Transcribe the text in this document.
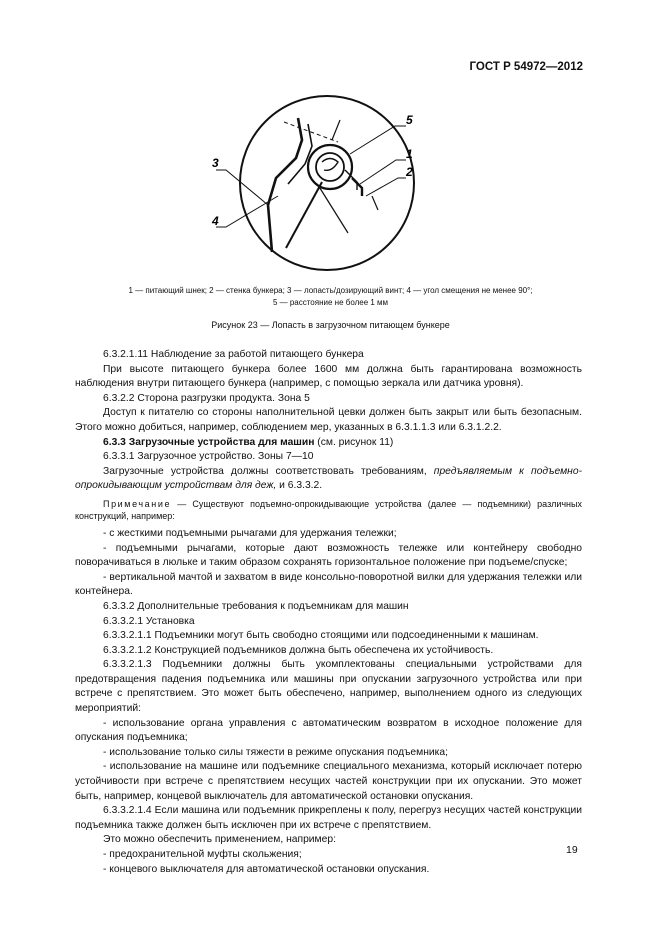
ГОСТ Р 54972—2012
5
1
2
3
4
1 — питающий шнек; 2 — стенка бункера; 3 — лопасть/дозирующий винт; 4 — угол смещения не менее 90°;
5 — расстояние не более 1 мм
Рисунок 23 — Лопасть в загрузочном питающем бункере

6.3.2.1.11 Наблюдение за работой питающего бункера

При высоте питающего бункера более 1600 мм должна быть гарантирована возможность наблюдения внутри питающего бункера (например, с помощью зеркала или датчика уровня).

6.3.2.2 Сторона разгрузки продукта. Зона 5

Доступ к питателю со стороны наполнительной цевки должен быть закрыт или быть безопасным. Этого можно добиться, например, соблюдением мер, указанных в 6.3.1.1.3 или 6.3.1.2.2.

6.3.3 Загрузочные устройства для машин (см. рисунок 11)

6.3.3.1 Загрузочное устройство. Зоны 7—10

Загрузочные устройства должны соответствовать требованиям, предъявляемым к подъемно-опрокидывающим устройствам для деж, и 6.3.3.2.

Примечание — Существуют подъемно-опрокидывающие устройства (далее — подъемники) различных конструкций, например:

- с жесткими подъемными рычагами для удержания тележки;

- подъемными рычагами, которые дают возможность тележке или контейнеру свободно поворачиваться в люльке и таким образом сохранять горизонтальное положение при подъеме/спуске;

- вертикальной мачтой и захватом в виде консольно-поворотной вилки для удержания тележки или контейнера.

6.3.3.2 Дополнительные требования к подъемникам для машин

6.3.3.2.1 Установка

6.3.3.2.1.1 Подъемники могут быть свободно стоящими или подсоединенными к машинам.

6.3.3.2.1.2 Конструкцией подъемников должна быть обеспечена их устойчивость.

6.3.3.2.1.3 Подъемники должны быть укомплектованы специальными устройствами для предотвращения падения подъемника или машины при опускании загрузочного устройства или при встрече с препятствием. Это может быть обеспечено, например, выполнением одного из следующих мероприятий:

- использование органа управления с автоматическим возвратом в исходное положение для опускания подъемника;

- использование только силы тяжести в режиме опускания подъемника;

- использование на машине или подъемнике специального механизма, который исключает потерю устойчивости при встрече с препятствием несущих частей конструкции при их опускании. Это может быть, например, концевой выключатель для автоматической остановки опускания.

6.3.3.2.1.4 Если машина или подъемник прикреплены к полу, перегруз несущих частей конструкции подъемника также должен быть исключен при их встрече с препятствием.

Это можно обеспечить применением, например:

- предохранительной муфты скольжения;

- концевого выключателя для автоматической остановки опускания.

19
